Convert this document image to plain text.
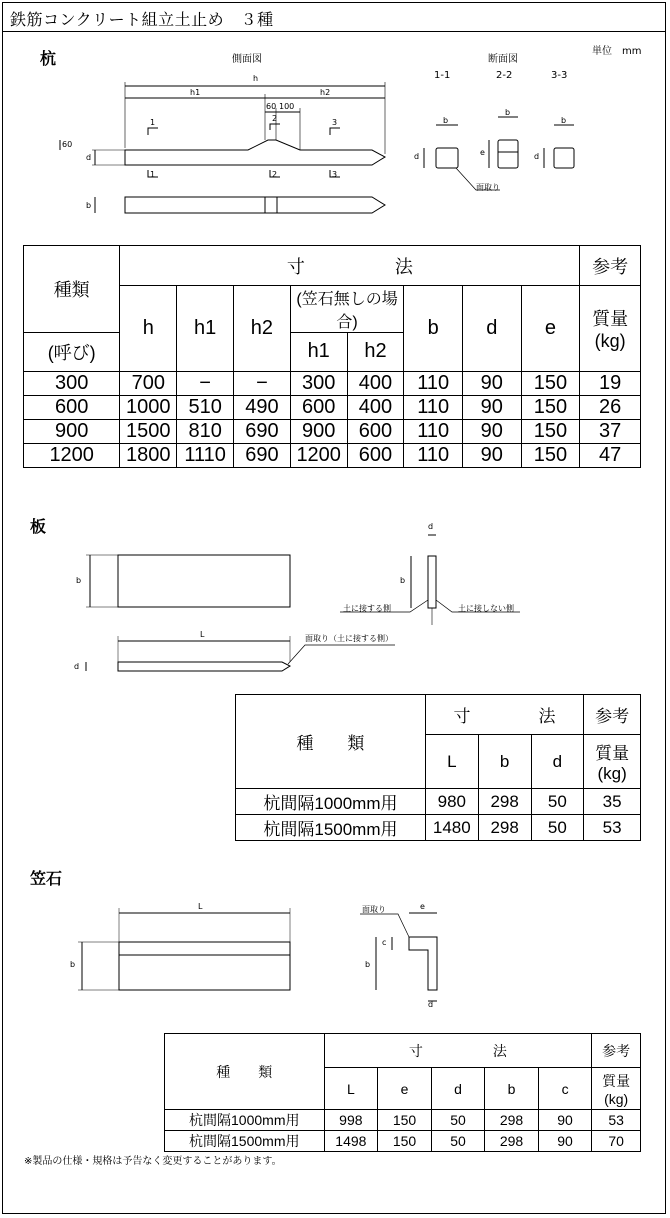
鉄筋コンクリート組立土止め　３種
杭	側面図	断面図
単位　mm
1-1	2-2	3-3
h
h1	h2
60 100
60
d
b
1
1
2
2
3
3
b
b
b
d	e	d
面取り
種類	寸　　　　　法								参考
	h	h1	h2	(笠石無しの場合)		b	d	e	質量
(kg)

(呼び)				h1	h2				
300	700	−	−	300	400	110	90	150	19
600	1000	510	490	600	400	110	90	150	26
900	1500	810	690	900	600	110	90	150	37
1200	1800	1110	690	1200	600	110	90	150	47
板
b
L
d
d
b
土に接する側	土に接しない側
面取り（土に接する側）
種　　類	寸　　　　法			参考
	L	b	d	質量
(kg)

杭間隔1000mm用	980	298	50	35
杭間隔1500mm用	1480	298	50	53
笠石
L
b
面取り	e
c
b
d
種　　類	寸　　　　　法					参考
	L	e	d	b	c	質量
(kg)

杭間隔1000mm用	998	150	50	298	90	53
杭間隔1500mm用	1498	150	50	298	90	70
※製品の仕様・規格は予告なく変更することがあります。
